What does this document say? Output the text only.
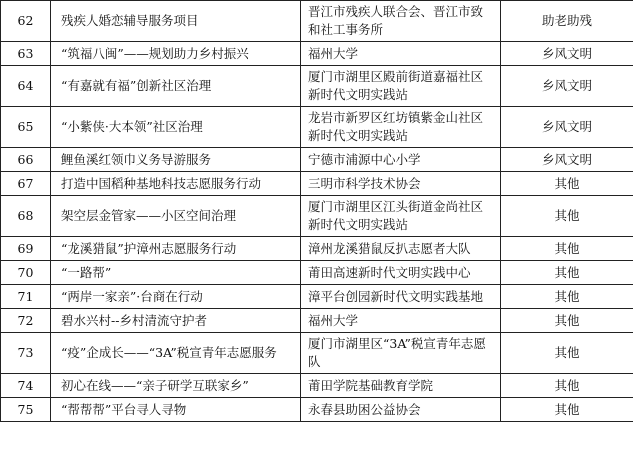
62	残疾人婚恋辅导服务项目	晋江市残疾人联合会、晋江市致和社工事务所	助老助残
63	“筑福八闽”——规划助力乡村振兴	福州大学	乡风文明
64	“有嘉就有福”创新社区治理	厦门市湖里区殿前街道嘉福社区新时代文明实践站	乡风文明
65	“小紫侠·大本领”社区治理	龙岩市新罗区红坊镇紫金山社区新时代文明实践站	乡风文明
66	鲤鱼溪红领巾义务导游服务	宁德市浦源中心小学	乡风文明
67	打造中国稻种基地科技志愿服务行动	三明市科学技术协会	其他
68	架空层金管家——小区空间治理	厦门市湖里区江头街道金尚社区新时代文明实践站	其他
69	“龙溪猎鼠”护漳州志愿服务行动	漳州龙溪猎鼠反扒志愿者大队	其他
70	“一路帮”	莆田高速新时代文明实践中心	其他
71	“两岸一家亲”·台商在行动	漳平台创园新时代文明实践基地	其他
72	碧水兴村--乡村清流守护者	福州大学	其他
73	“疫”企成长——“3A”税宣青年志愿服务	厦门市湖里区“3A”税宣青年志愿队	其他
74	初心在线——“亲子研学互联家乡”	莆田学院基础教育学院	其他
75	“帮帮帮”平台寻人寻物	永春县助困公益协会	其他
